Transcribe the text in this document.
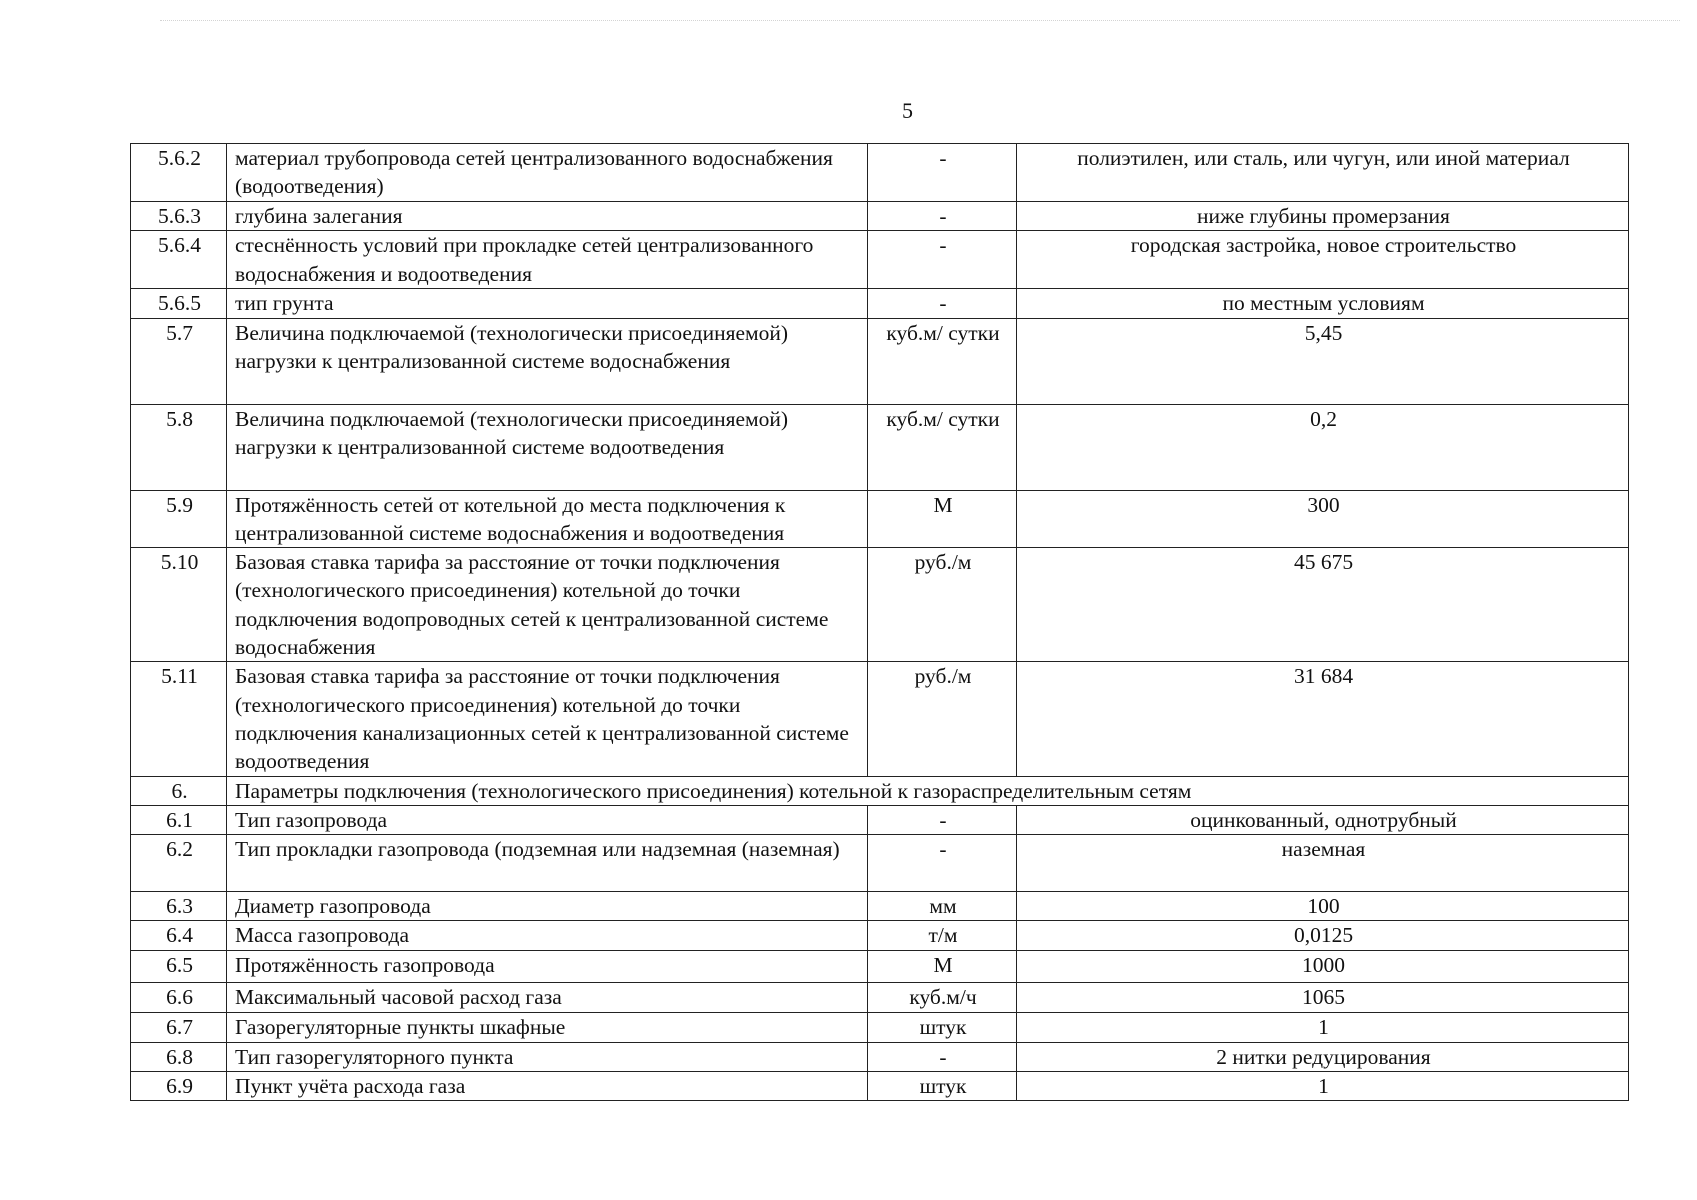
5
5.6.2	материал трубопровода сетей централизованного водоснабжения (водоотведения)	-	полиэтилен, или сталь, или чугун, или иной материал
5.6.3	глубина залегания	-	ниже глубины промерзания
5.6.4	стеснённость условий при прокладке сетей централизованного водоснабжения и водоотведения	-	городская застройка, новое строительство
5.6.5	тип грунта	-	по местным условиям
5.7	Величина подключаемой (технологически присоединяемой) нагрузки к централизованной системе водоснабжения	куб.м/ сутки	5,45
5.8	Величина подключаемой (технологически присоединяемой) нагрузки к централизованной системе водоотведения	куб.м/ сутки	0,2
5.9	Протяжённость сетей от котельной до места подключения к централизованной системе водоснабжения и водоотведения	М	300
5.10	Базовая ставка тарифа за расстояние от точки подключения (технологического присоединения) котельной до точки подключения водопроводных сетей к централизованной системе водоснабжения	руб./м	45 675
5.11	Базовая ставка тарифа за расстояние от точки подключения (технологического присоединения) котельной до точки подключения канализационных сетей к централизованной системе водоотведения	руб./м	31 684
6.	Параметры подключения (технологического присоединения) котельной к газораспределительным сетям		
6.1	Тип газопровода	-	оцинкованный, однотрубный
6.2	Тип прокладки газопровода (подземная или надземная (наземная)	-	наземная
6.3	Диаметр газопровода	мм	100
6.4	Масса газопровода	т/м	0,0125
6.5	Протяжённость газопровода	М	1000
6.6	Максимальный часовой расход газа	куб.м/ч	1065
6.7	Газорегуляторные пункты шкафные	штук	1
6.8	Тип газорегуляторного пункта	-	2 нитки редуцирования
6.9	Пункт учёта расхода газа	штук	1
